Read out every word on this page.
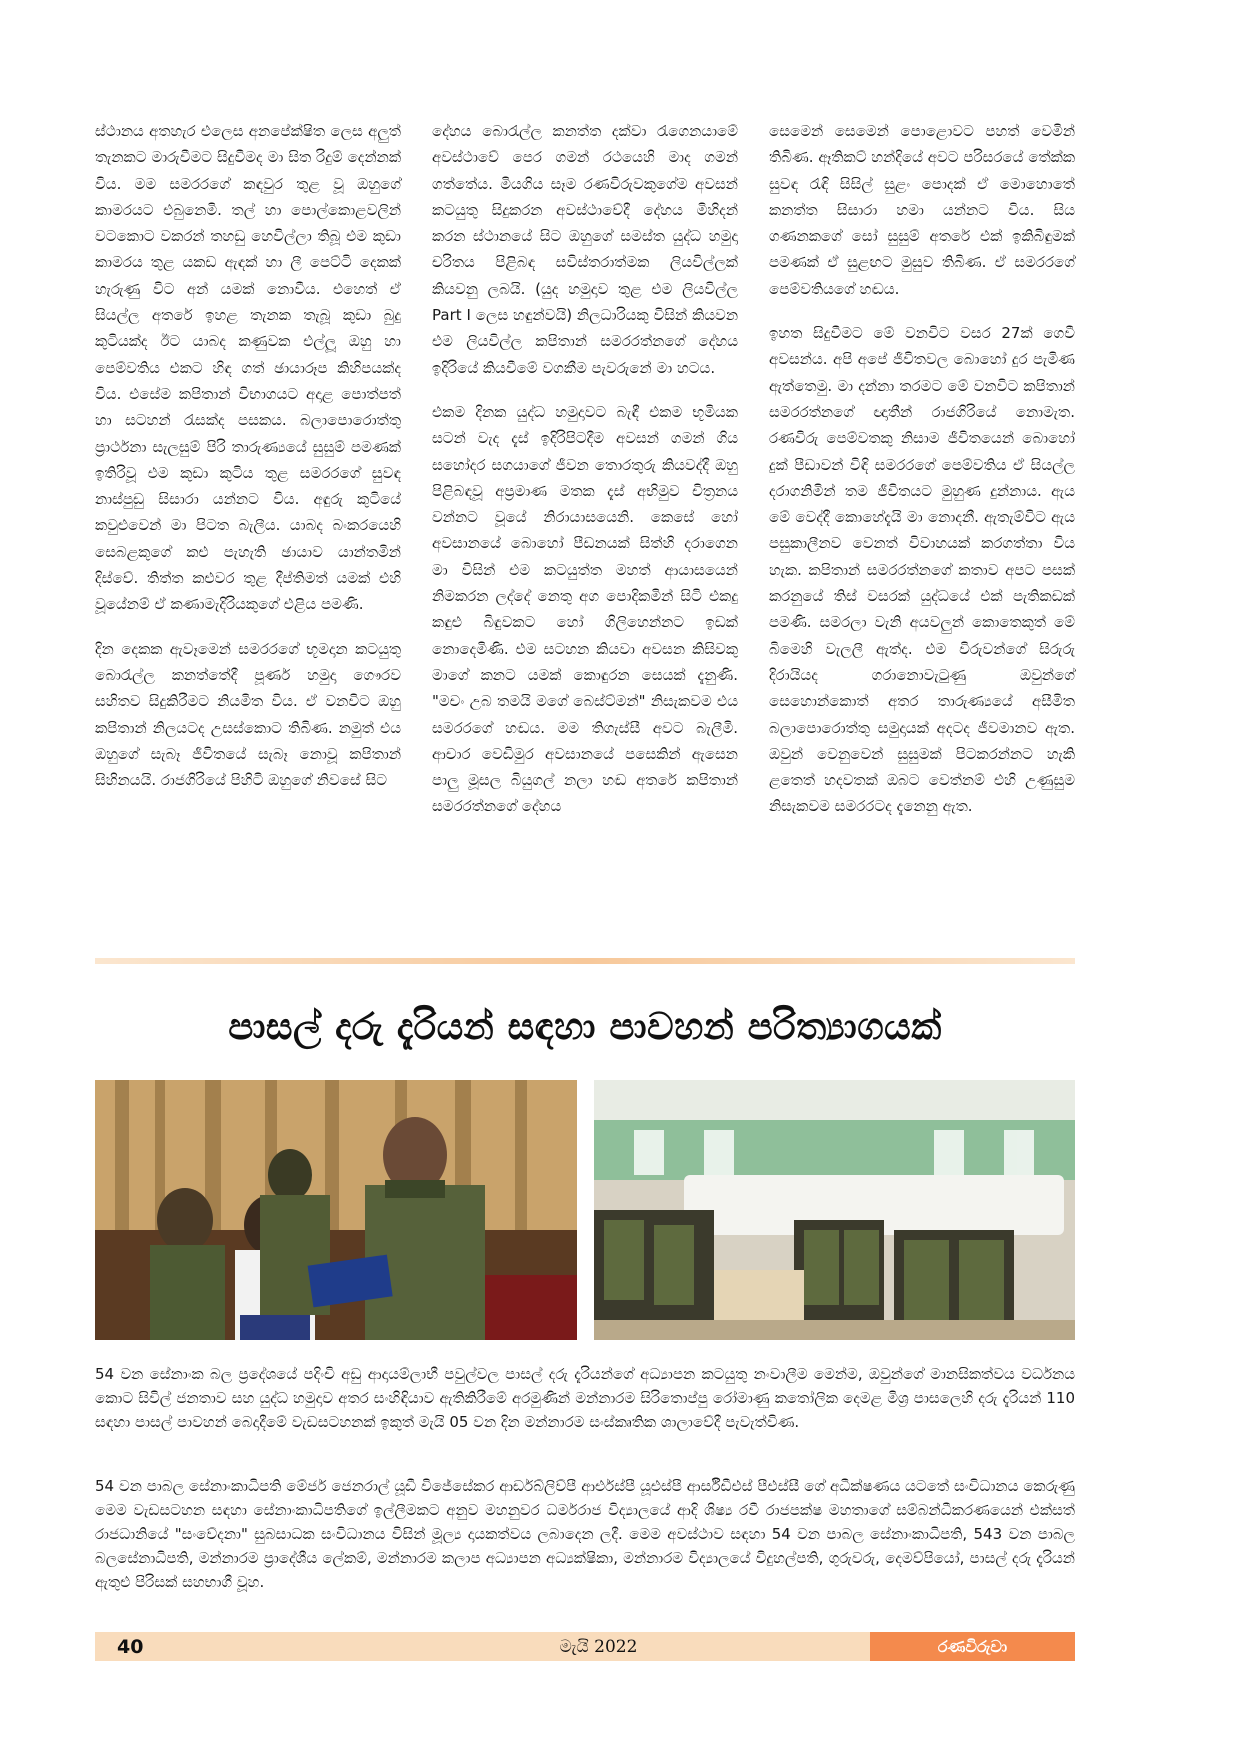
ස්ථානය අතහැර එලෙස අනපේක්ෂිත ලෙස අලුත් තැනකට මාරුවීමට සිදුවීමද මා සිත රිදුම් දෙන්නක් විය. මම සමරරගේ කඳවුර තුළ වූ ඔහුගේ කාමරයට එබුනෙමි. තල් හා පොල්කොළවලින් වටකොට වකරන් තහඩු හෙවිල්ලා තිබූ එම කුඩා කාමරය තුළ යකඩ ඇඳක් හා ලී පෙට්ටි දෙකක් හැරුණු විට අන් යමක් නොවීය. එහෙත් ඒ සියල්ල අතරේ ඉහළ තැනක තැබූ කුඩා බුදු කුටියක්ද ඊට යාබද කණුවක එල්ලූ ඔහු හා පෙම්වතිය එකට හිඳ ගත් ඡායාරූප කිහිපයක්ද විය. එසේම කපිතාන් විභාගයට අදාළ පොත්පත් හා සටහන් රැසක්ද පසකය. බලාපොරොත්තු ප්‍රාර්ථනා සැලසුම් පිරි තාරුණ්‍යයේ සුසුම් පමණක් ඉතිරිවූ එම කුඩා කුටිය තුළ සමරරගේ සුවඳ නාස්පුඩු සිසාරා යන්නට විය. අඳුරු කුටියේ කවුළුවෙන් මා පිටත බැලීය. යාබද බංකරයෙහි සෙබළකුගේ කළු පැහැති ඡායාව යාන්තමින් දිස්වේ. තිත්ත කළුවර තුළ දීප්තිමත් යමක් එහි වූයේනම් ඒ කණාමැදිරියකුගේ එළිය පමණි.

දින දෙකක ඇවෑමෙන් සමරරගේ භූමදාන කටයුතු බොරැල්ල කනත්තේදී පූර්ණ හමුදා ගෞරව සහිතව සිදුකිරීමට නියමිත විය. ඒ වනවිට ඔහු කපිතාන් නිලයටද උසස්කොට තිබිණ. නමුත් එය ඔහුගේ සැබෑ ජීවිතයේ සැබෑ නොවූ කපිතාන් සිහිනයයි. රාජගිරියේ පිහිටි ඔහුගේ නිවසේ සිට

දේහය බොරැල්ල කනත්ත දක්වා රැගෙනයාමේ අවස්ථාවේ පෙර ගමන් රථයෙහි මාද ගමන් ගත්තේය. මියගිය සෑම රණවිරුවකුගේම අවසන් කටයුතු සිදුකරන අවස්ථාවේදී දේහය මිහිදන් කරන ස්ථානයේ සිට ඔහුගේ සමස්ත යුද්ධ හමුදා චරිතය පිළිබඳ සවිස්තරාත්මක ලියවිල්ලක් කියවනු ලබයි. (යුද හමුදාව තුළ එම ලියවිල්ල Part I ලෙස හඳුන්වයි) නිලධාරියකු විසින් කියවන එම ලියවිල්ල කපිතාන් සමරරත්නගේ දේහය ඉදිරියේ කියවීමේ වගකීම පැවරුනේ මා හටය.

එකම දිනක යුද්ධ හමුදාවට බැඳී එකම භූමියක සටන් වැද දැස් ඉදිරිපිටදීම අවසන් ගමන් ගිය සහෝදර සගයාගේ ජීවන තොරතුරු කියවද්දී ඔහු පිළිබඳවූ අප්‍රමාණ මතක දැස් අභිමුව චිත්‍රනය වන්නට වූයේ නිරායාසයෙනි. කෙසේ හෝ අවසානයේ බොහෝ පීඩනයක් සිත්හි දරාගෙන මා විසින් එම කටයුත්ත මහත් ආයාසයෙන් නිමකරන ලද්දේ නෙතු අග පොදිකමින් සිටි එකදු කඳුළු බිඳුවකට හෝ ගිලිහෙන්නට ඉඩක් නොදෙමිණි. එම සටහන කියවා අවසන කිසිවකු මාගේ කනට යමක් කොඳුරන සෙයක් දැනුණි. "මචං උබ තමයි මගේ බෙස්ට්මන්" නිසැකවම එය සමරරගේ හඬය. මම තිගැස්සී අවට බැලීමි. ආචාර වෙඩිමුර අවසානයේ පසෙකින් ඇසෙන පාලු මූසල බියුගල් නලා හඬ අතරේ කපිතාන් සමරරත්නගේ දේහය

සෙමෙන් සෙමෙන් පොළොවට පහත් වෙමින් තිබිණ. ඈතිකට් හන්දියේ අවට පරිසරයේ තේක්ක සුවඳ රැඳි සිසිල් සුළං පොදක් ඒ මොහොතේ කනත්ත සිසාරා හමා යන්නට විය. සිය ගණනකගේ සෝ සුසුම් අතරේ එක් ඉකිබිඳුමක් පමණක් ඒ සුළඟට මුසුව තිබිණ. ඒ සමරරගේ පෙම්වතියගේ හඬය.

ඉහත සිදුවීමට මේ වනවිට වසර 27ක් ගෙවී අවසන්ය. අපි අපේ ජීවිතවල බොහෝ දුර පැමිණ ඇත්තෙමු. මා දන්නා තරමට මේ වනවිට කපිතාන් සමරරත්නගේ ඥාතීන් රාජගිරියේ නොමැත. රණවිරු පෙම්වතකු නිසාම ජීවිතයෙන් බොහෝ දුක් පීඩාවන් විඳි සමරරගේ පෙම්වතිය ඒ සියල්ල දරාගනිමින් තම ජීවිතයට මුහුණ දුන්නාය. ඇය මේ වෙද්දී කොහේදැයි මා නොදනී. ඇතැම්විට ඇය පසුකාලීනව වෙනත් විවාහයක් කරගත්තා විය හැක. කපිතාන් සමරරත්නගේ කතාව අපට පසක් කරනුයේ තිස් වසරක් යුද්ධයේ එක් පැතිකඩක් පමණි. සමරලා වැනි අයවලුන් කොතෙකුත් මේ බිමෙහි වැලලී ඇත්ද. එම විරුවන්ගේ සිරුරු දිරායියද ගරානොවැටුණු ඔවුන්ගේ සෙහොන්කොත් අතර තාරුණ්‍යයේ අසීමිත බලාපොරොත්තු සමුදායක් අදටද ජීවමානව ඇත. ඔවුන් වෙනුවෙන් සුසුමක් පිටකරන්නට හැකි ළතෙත් හදවතක් ඔබට වෙත්නම් එහි උණුසුම නිසැකවම සමරරටද දැනෙනු ඇත.

පාසල් දරු දැරියන් සඳහා පාවහන් පරිත්‍යාගයක්
54 වන සේනාංක බල ප්‍රදේශයේ පදිංචි අඩු ආදායම්ලාභී පවුල්වල පාසල් දරු දැරියන්ගේ අධ්‍යාපන කටයුතු නංවාලීම මෙන්ම, ඔවුන්ගේ මානසිකත්වය වර්ධනය කොට සිවිල් ජනතාව සහ යුද්ධ හමුදාව අතර සංහිඳියාව ඇතිකිරීමේ අරමුණින් මන්නාරම සිරිතොප්පු රෝමාණු කතෝලික දෙමළ මිශ්‍ර පාසලෙහි දරු දැරියන් 110 සඳහා පාසල් පාවහන් බෙදාදීමේ වැඩසටහනක් ඉකුත් මැයි 05 වන දින මන්නාරම සංස්කෘතික ශාලාවේදී පැවැත්විණ.
54 වන පාබල සේනාංකාධිපති මේජර් ජෙනරාල් යූඩී විජේසේකර ආර්ඩබ්ලිව්පී ආර්එස්පී යූඑස්පී ආර්සීඩීඑස් පීඑස්සී ගේ අධීක්ෂණය යටතේ සංවිධානය කෙරුණු මෙම වැඩසටහන සඳහා සේනාංකාධිපතිගේ ඉල්ලීමකට අනුව මහනුවර ධර්මරාජ විද්‍යාලයේ ආදි ශිෂ්‍ය රවී රාජපක්ෂ මහතාගේ සම්බන්ධීකරණයෙන් එක්සත් රාජධානියේ "සංවේදනා" සුබසාධක සංවිධානය විසින් මූල්‍ය දායකත්වය ලබාදෙන ලදී. මෙම අවස්ථාව සඳහා 54 වන පාබල සේනාංකාධිපති, 543 වන පාබල බලසේනාධිපති, මන්නාරම ප්‍රාදේශීය ලේකම්, මන්නාරම කලාප අධ්‍යාපන අධ්‍යක්ෂිකා, මන්නාරම විද්‍යාලයේ විදුහල්පති, ගුරුවරු, දෙමව්පියෝ, පාසල් දරු දැරියන් ඇතුළු පිරිසක් සහභාගී වූහ.
40	මැයි 2022	රණවිරුවා
